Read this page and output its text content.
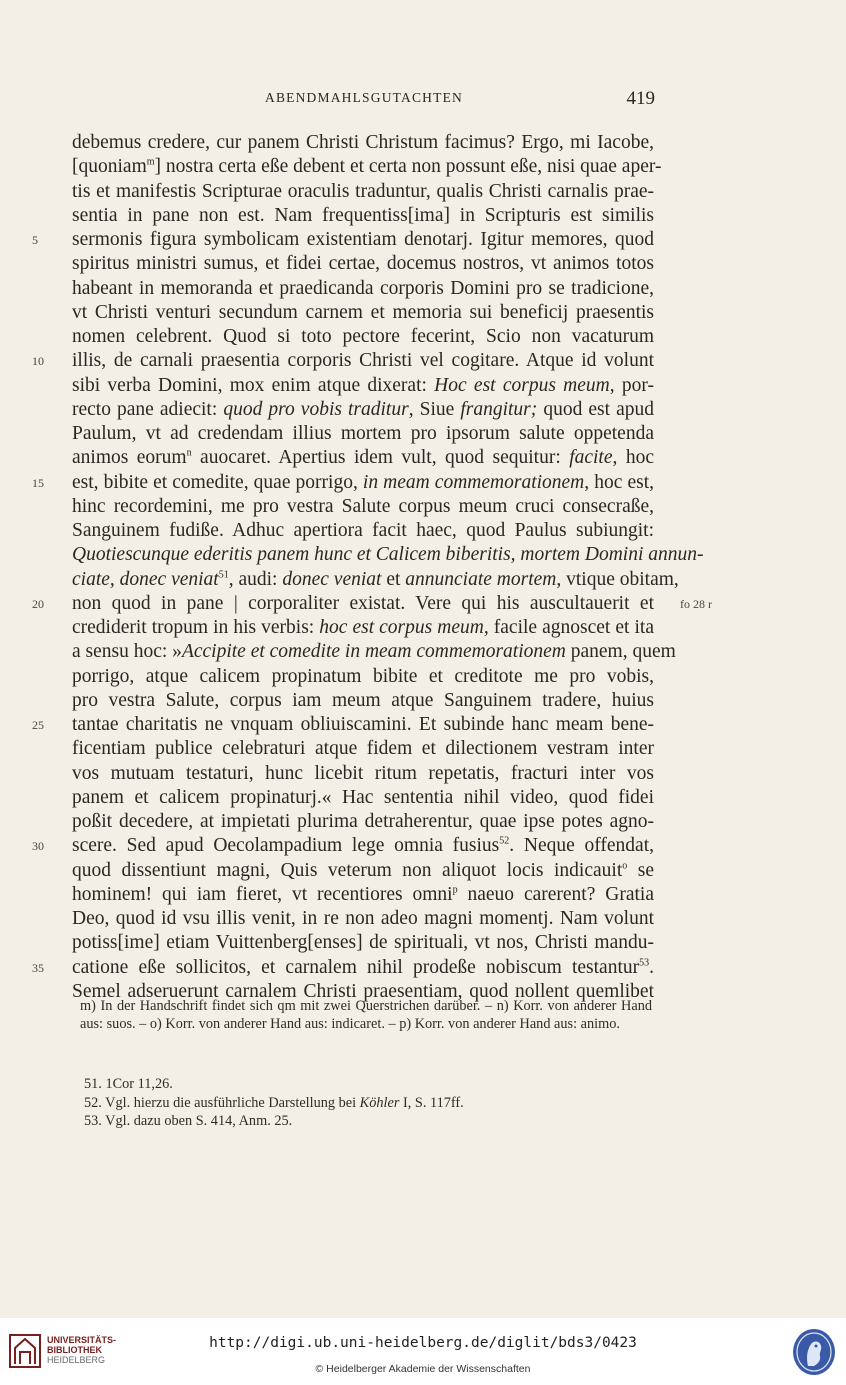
ABENDMAHLSGUTACHTEN	419
debemus credere, cur panem Christi Christum facimus? Ergo, mi Iacobe,
[quoniam$^m$] nostra certa eße debent et certa non possunt eße, nisi quae aper-
tis et manifestis Scripturae oraculis traduntur, qualis Christi carnalis prae-
sentia in pane non est. Nam frequentiss[ima] in Scripturis est similis
sermonis figura symbolicam existentiam denotarj. Igitur memores, quod
5
spiritus ministri sumus, et fidei certae, docemus nostros, vt animos totos
habeant in memoranda et praedicanda corporis Domini pro se tradicione,
vt Christi venturi secundum carnem et memoria sui beneficij praesentis
nomen celebrent. Quod si toto pectore fecerint, Scio non vacaturum
illis, de carnali praesentia corporis Christi vel cogitare. Atque id volunt
10
sibi verba Domini, mox enim atque dixerat: Hoc est corpus meum, por-
recto pane adiecit: quod pro vobis traditur, Siue frangitur; quod est apud
Paulum, vt ad credendam illius mortem pro ipsorum salute oppetenda
animos eorum$^n$ auocaret. Apertius idem vult, quod sequitur: facite, hoc
est, bibite et comedite, quae porrigo, in meam commemorationem, hoc est,
15
hinc recordemini, me pro vestra Salute corpus meum cruci consecraße,
Sanguinem fudiße. Adhuc apertiora facit haec, quod Paulus subiungit:
Quotiescunque ederitis panem hunc et Calicem biberitis, mortem Domini annun-
ciate, donec veniat$^{51}$, audi: donec veniat et annunciate mortem, vtique obitam,
non quod in pane | corporaliter existat. Vere qui his auscultauerit et
20	fo 28 r
crediderit tropum in his verbis: hoc est corpus meum, facile agnoscet et ita
a sensu hoc: »Accipite et comedite in meam commemorationem panem, quem
porrigo, atque calicem propinatum bibite et creditote me pro vobis,
pro vestra Salute, corpus iam meum atque Sanguinem tradere, huius
tantae charitatis ne vnquam obliuiscamini. Et subinde hanc meam bene-
25
ficentiam publice celebraturi atque fidem et dilectionem vestram inter
vos mutuam testaturi, hunc licebit ritum repetatis, fracturi inter vos
panem et calicem propinaturj.« Hac sententia nihil video, quod fidei
poßit decedere, at impietati plurima detraherentur, quae ipse potes agno-
scere. Sed apud Oecolampadium lege omnia fusius$^{52}$. Neque offendat,
30
quod dissentiunt magni, Quis veterum non aliquot locis indicauit$^o$ se
hominem! qui iam fieret, vt recentiores omni$^p$ naeuo carerent? Gratia
Deo, quod id vsu illis venit, in re non adeo magni momentj. Nam volunt
potiss[ime] etiam Vuittenberg[enses] de spirituali, vt nos, Christi mandu-
catione eße sollicitos, et carnalem nihil prodeße nobiscum testantur$^{53}$.
35
Semel adseruerunt carnalem Christi praesentiam, quod nollent quemlibet

m) In der Handschrift findet sich qm mit zwei Querstrichen darüber. – n) Korr. von anderer Hand aus: suos. – o) Korr. von anderer Hand aus: indicaret. – p) Korr. von anderer Hand aus: animo.

51. 1Cor 11,26.
52. Vgl. hierzu die ausführliche Darstellung bei Köhler I, S. 117ff.
53. Vgl. dazu oben S. 414, Anm. 25.
UNIVERSITÄTS-
BIBLIOTHEK
HEIDELBERG
http://digi.ub.uni-heidelberg.de/diglit/bds3/0423
© Heidelberger Akademie der Wissenschaften
